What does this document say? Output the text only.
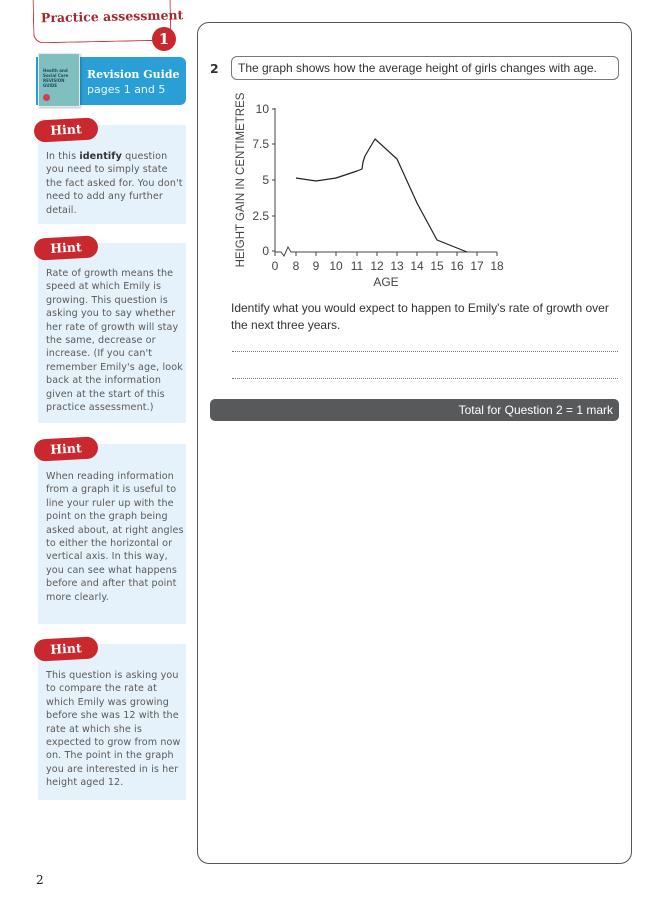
Practice assessment
1
Health and Social Care REVISION GUIDE
Revision Guide
pages 1 and 5
Hint
In this identify question you need to simply state the fact asked for. You don't need to add any further detail.
Hint
Rate of growth means the speed at which Emily is growing. This question is asking you to say whether her rate of growth will stay the same, decrease or increase. (If you can't remember Emily's age, look back at the information given at the start of this practice assessment.)
Hint
When reading information from a graph it is useful to line your ruler up with the point on the graph being asked about, at right angles to either the horizontal or vertical axis. In this way, you can see what happens before and after that point more clearly.
Hint
This question is asking you to compare the rate at which Emily was growing before she was 12 with the rate at which she is expected to grow from now on. The point in the graph you are interested in is her height aged 12.
2	The graph shows how the average height of girls changes with age.
10
7.5
5
2.5
0
0 8 9 10 11 12 13 14 15 16 17 18
AGE
HEIGHT GAIN IN CENTIMETRES
Identify what you would expect to happen to Emily's rate of growth over the next three years.
Total for Question 2 = 1 mark
2
